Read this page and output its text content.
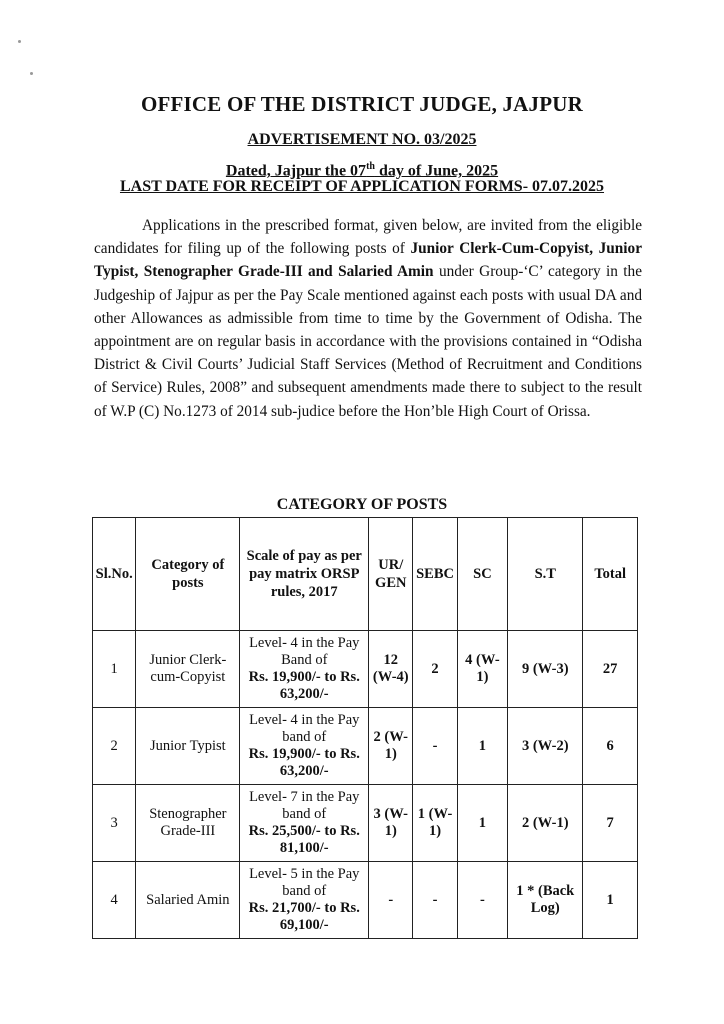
OFFICE OF THE DISTRICT JUDGE, JAJPUR
ADVERTISEMENT NO. 03/2025
Dated, Jajpur the 07th day of June, 2025
LAST DATE FOR RECEIPT OF APPLICATION FORMS- 07.07.2025
Applications in the prescribed format, given below, are invited from the eligible candidates for filing up of the following posts of Junior Clerk-Cum-Copyist, Junior Typist, Stenographer Grade-III and Salaried Amin under Group-‘C’ category in the Judgeship of Jajpur as per the Pay Scale mentioned against each posts with usual DA and other Allowances as admissible from time to time by the Government of Odisha. The appointment are on regular basis in accordance with the provisions contained in “Odisha District & Civil Courts’ Judicial Staff Services (Method of Recruitment and Conditions of Service) Rules, 2008” and subsequent amendments made there to subject to the result of W.P (C) No.1273 of 2014 sub-judice before the Hon’ble High Court of Orissa.
CATEGORY OF POSTS
Sl.No.	Category of posts	Scale of pay as per pay matrix ORSP rules, 2017	UR/ GEN	SEBC	SC	S.T	Total
1	Junior Clerk-cum-Copyist	Level- 4 in the Pay Band of
Rs. 19,900/- to Rs. 63,200/-	12 (W-4)	2	4 (W-1)	9 (W-3)	27
2	Junior Typist	Level- 4 in the Pay band of
Rs. 19,900/- to Rs. 63,200/-	2 (W-1)	-	1	3 (W-2)	6
3	Stenographer Grade-III	Level- 7 in the Pay band of
Rs. 25,500/- to Rs. 81,100/-	3 (W-1)	1 (W-1)	1	2 (W-1)	7
4	Salaried Amin	Level- 5 in the Pay band of
Rs. 21,700/- to Rs. 69,100/-	-	-	-	1 * (Back Log)	1
